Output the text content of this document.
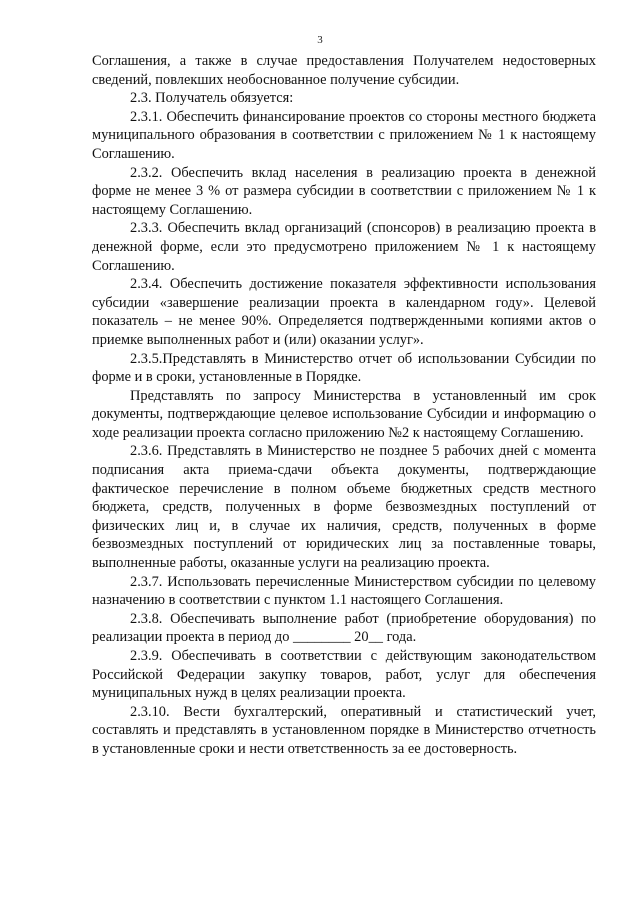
3

Соглашения, а также в случае предоставления Получателем недостоверных сведений, повлекших необоснованное получение субсидии.

2.3. Получатель обязуется:

2.3.1. Обеспечить финансирование проектов со стороны местного бюджета муниципального образования в соответствии с приложением № 1 к настоящему Соглашению.

2.3.2. Обеспечить вклад населения в реализацию проекта в денежной форме не менее 3 % от размера субсидии в соответствии с приложением № 1 к настоящему Соглашению.

2.3.3. Обеспечить вклад организаций (спонсоров) в реализацию проекта в денежной форме, если это предусмотрено приложением № 1 к настоящему Соглашению.

2.3.4. Обеспечить достижение показателя эффективности использования субсидии «завершение реализации проекта в календарном году». Целевой показатель – не менее 90%. Определяется подтвержденными копиями актов о приемке выполненных работ и (или) оказании услуг».

2.3.5.Представлять в Министерство отчет об использовании Субсидии по форме и в сроки, установленные в Порядке.

Представлять по запросу Министерства в установленный им срок документы, подтверждающие целевое использование Субсидии и информацию о ходе реализации проекта согласно приложению №2 к настоящему Соглашению.

2.3.6. Представлять в Министерство не позднее 5 рабочих дней с момента подписания акта приема-сдачи объекта документы, подтверждающие фактическое перечисление в полном объеме бюджетных средств местного бюджета, средств, полученных в форме безвозмездных поступлений от физических лиц и, в случае их наличия, средств, полученных в форме безвозмездных поступлений от юридических лиц за поставленные товары, выполненные работы, оказанные услуги на реализацию проекта.

2.3.7. Использовать перечисленные Министерством субсидии по целевому назначению в соответствии с пунктом 1.1 настоящего Соглашения.

2.3.8. Обеспечивать выполнение работ (приобретение оборудования) по реализации проекта в период до ________ 20__ года.

2.3.9. Обеспечивать в соответствии с действующим законодательством Российской Федерации закупку товаров, работ, услуг для обеспечения муниципальных нужд в целях реализации проекта.

2.3.10. Вести бухгалтерский, оперативный и статистический учет, составлять и представлять в установленном порядке в Министерство отчетность в установленные сроки и нести ответственность за ее достоверность.
